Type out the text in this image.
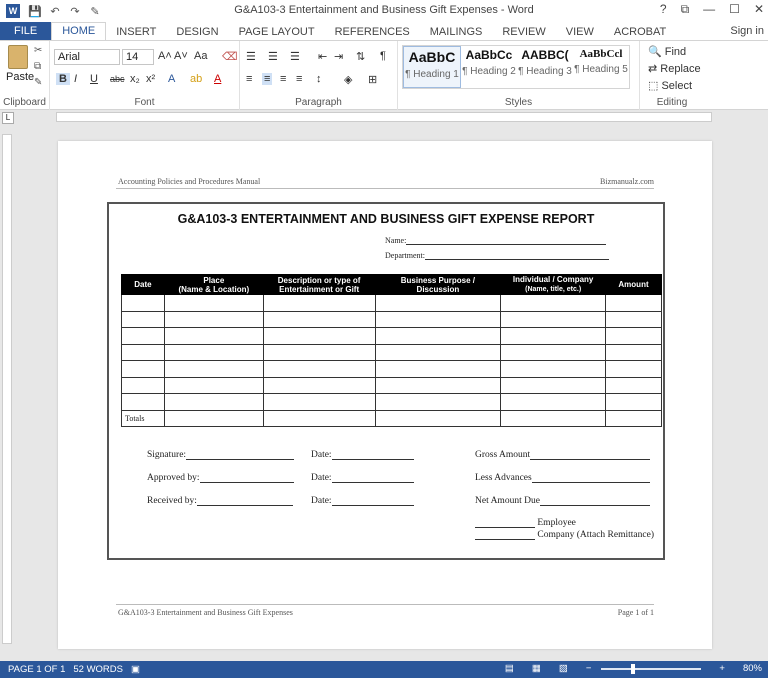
W 💾 ↶ ↷ ✎	G&A103-3 Entertainment and Business Gift Expenses - Word	? ⧉ — ☐ ✕
FILE	HOME	INSERT	DESIGN	PAGE LAYOUT	REFERENCES	MAILINGS	REVIEW	VIEW	ACROBAT	Sign in
Paste
✂
⧉
✎
Clipboard
Arial	14	A˄ A˅ Aa ⌫
B I U abc x₂ x² A ab A
Font
☰ ☰ ☰ ⇤ ⇥ ⇅ ¶
≡ ≡ ≡ ≡ ↕ ◈ ⊞
Paragraph	Styles
AaBbC
¶ Heading 1
AaBbCc
¶ Heading 2
AABBC(
¶ Heading 3
AaBbCcl
¶ Heading 5
Editing
🔍 Find
⇄ Replace
⬚ Select
L
Accounting Policies and Procedures Manual	Bizmanualz.com
G&A103-3 ENTERTAINMENT AND BUSINESS GIFT EXPENSE REPORT
Name:
Department:
Date	Place
(Name & Location)	Description or type of
Entertainment or Gift	Business Purpose /
Discussion	Individual / Company
(Name, title, etc.)	Amount

Totals					
Signature:
Approved by:
Received by:
Date:
Date:
Date:
Gross Amount
Less Advances
Net Amount Due
Employee
Company (Attach Remittance)
G&A103-3 Entertainment and Business Gift Expenses	Page 1 of 1
PAGE 1 OF 1 52 WORDS ▣	▤ ▦ ▧ −	+ 80%
